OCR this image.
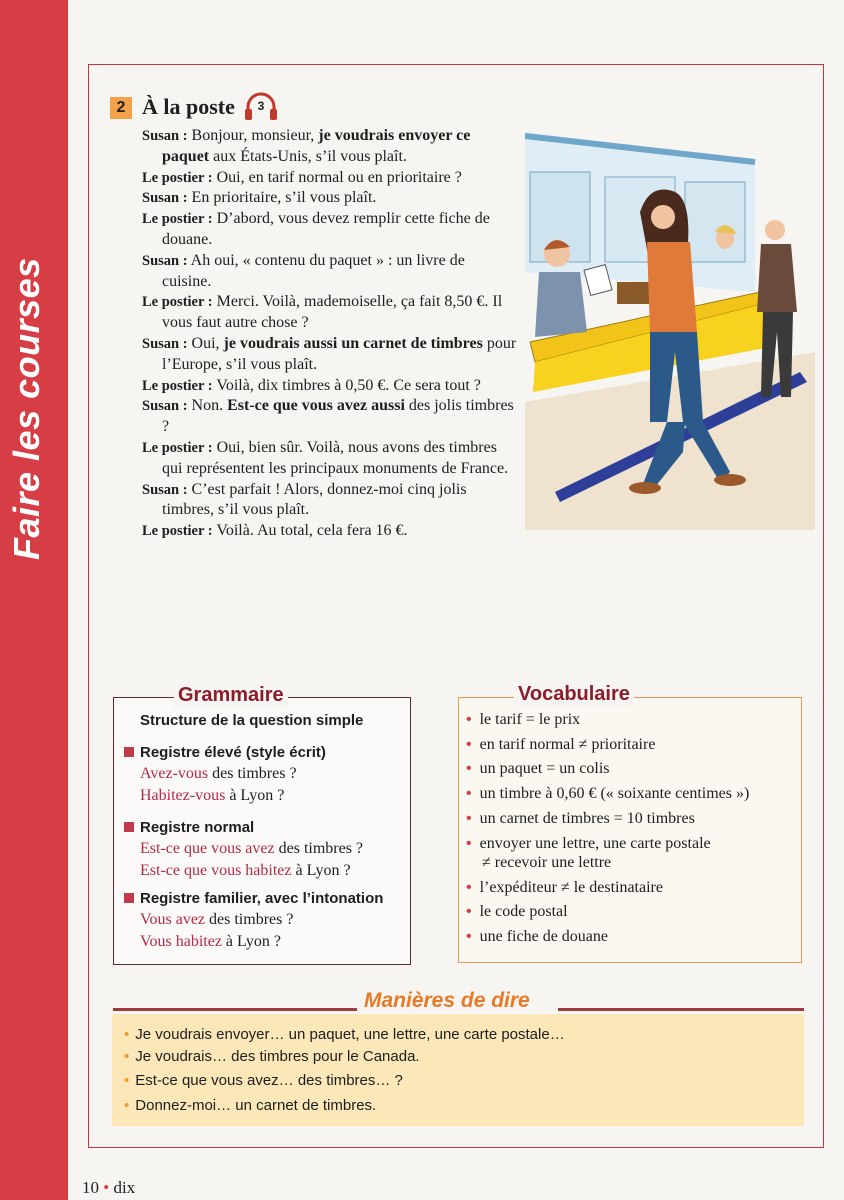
Faire les courses
2 À la poste 3

Susan : Bonjour, monsieur, je voudrais envoyer ce paquet aux États-Unis, s’il vous plaît.

Le postier : Oui, en tarif normal ou en prioritaire ?

Susan : En prioritaire, s’il vous plaît.

Le postier : D’abord, vous devez remplir cette fiche de douane.

Susan : Ah oui, « contenu du paquet » : un livre de cuisine.

Le postier : Merci. Voilà, mademoiselle, ça fait 8,50 €. Il vous faut autre chose ?

Susan : Oui, je voudrais aussi un carnet de timbres pour l’Europe, s’il vous plaît.

Le postier : Voilà, dix timbres à 0,50 €. Ce sera tout ?

Susan : Non. Est-ce que vous avez aussi des jolis timbres ?

Le postier : Oui, bien sûr. Voilà, nous avons des timbres qui représentent les principaux monuments de France.

Susan : C’est parfait ! Alors, donnez-moi cinq jolis timbres, s’il vous plaît.

Le postier : Voilà. Au total, cela fera 16 €.

Grammaire
Structure de la question simple
Registre élevé (style écrit)
Avez-vous des timbres ?
Habitez-vous à Lyon ?
Registre normal
Est-ce que vous avez des timbres ?
Est-ce que vous habitez à Lyon ?
Registre familier, avec l’intonation
Vous avez des timbres ?
Vous habitez à Lyon ?
Vocabulaire
• le tarif = le prix
• en tarif normal ≠ prioritaire
• un paquet = un colis
• un timbre à 0,60 € (« soixante centimes »)
• un carnet de timbres = 10 timbres
• envoyer une lettre, une carte postale
≠ recevoir une lettre
• l’expéditeur ≠ le destinataire
• le code postal
• une fiche de douane
Manières de dire
• Je voudrais envoyer… un paquet, une lettre, une carte postale…
• Je voudrais… des timbres pour le Canada.
• Est-ce que vous avez… des timbres… ?
• Donnez-moi… un carnet de timbres.
10 • dix
